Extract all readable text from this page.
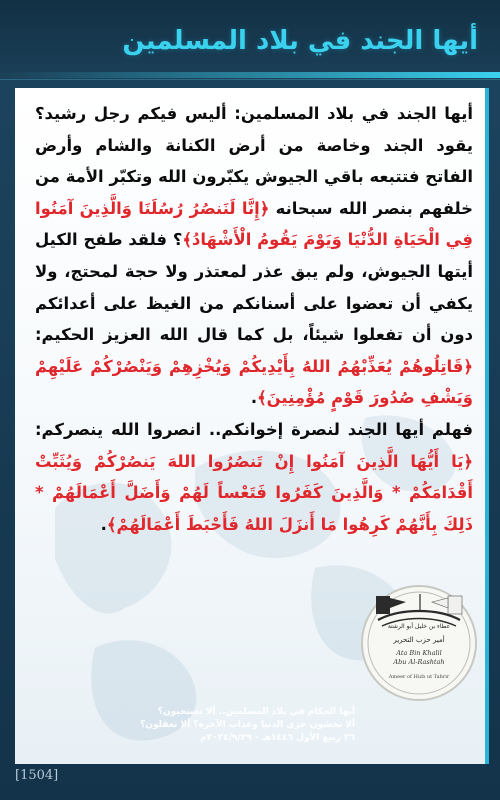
أيها الجند في بلاد المسلمين
أيها الجند في بلاد المسلمين: أليس فيكم رجل رشيد؟ يقود الجند وخاصة من أرض الكنانة والشام وأرض الفاتح فتتبعه باقي الجيوش يكبّرون الله وتكبّر الأمة من خلفهم بنصر الله سبحانه ﴿إِنَّا لَنَنصُرُ رُسُلَنَا وَالَّذِينَ آمَنُوا فِي الْحَيَاةِ الدُّنْيَا وَيَوْمَ يَقُومُ الْأَشْهَادُ﴾؟ فلقد طفح الكيل أيتها الجيوش، ولم يبق عذر لمعتذر ولا حجة لمحتج، ولا يكفي أن تعضوا على أسنانكم من الغيظ على أعدائكم دون أن تفعلوا شيئاً، بل كما قال الله العزيز الحكيم: ﴿قَاتِلُوهُمْ يُعَذِّبْهُمُ اللهُ بِأَيْدِيكُمْ وَيُخْزِهِمْ وَيَنْصُرْكُمْ عَلَيْهِمْ وَيَشْفِ صُدُورَ قَوْمٍ مُؤْمِنِينَ﴾.
فهلم أيها الجند لنصرة إخوانكم.. انصروا الله ينصركم: ﴿يَا أَيُّهَا الَّذِينَ آمَنُوا إِنْ تَنصُرُوا اللهَ يَنصُرْكُمْ وَيُثَبِّتْ أَقْدَامَكُمْ * وَالَّذِينَ كَفَرُوا فَتَعْساً لَهُمْ وَأَضَلَّ أَعْمَالَهُمْ * ذَلِكَ بِأَنَّهُمْ كَرِهُوا مَا أَنزَلَ اللهُ فَأَحْبَطَ أَعْمَالَهُمْ﴾.
عطاء بن خليل أبو الرشتة
أمير حزب التحرير
Ata Bin Khalil
Abu Al-Rashtah
Ameer of Hizb ut Tahrir
أيها الحكام في بلاد المسلمين.. ألا تستحيون؟
ألا تخشون خزي الدنيا وعذاب الآخرة؟ ألا تعقلون؟
٢٦ ربيع الأول ١٤٤٦هـ - ٢٠٢٤/٩/٢٩م
[1504]
